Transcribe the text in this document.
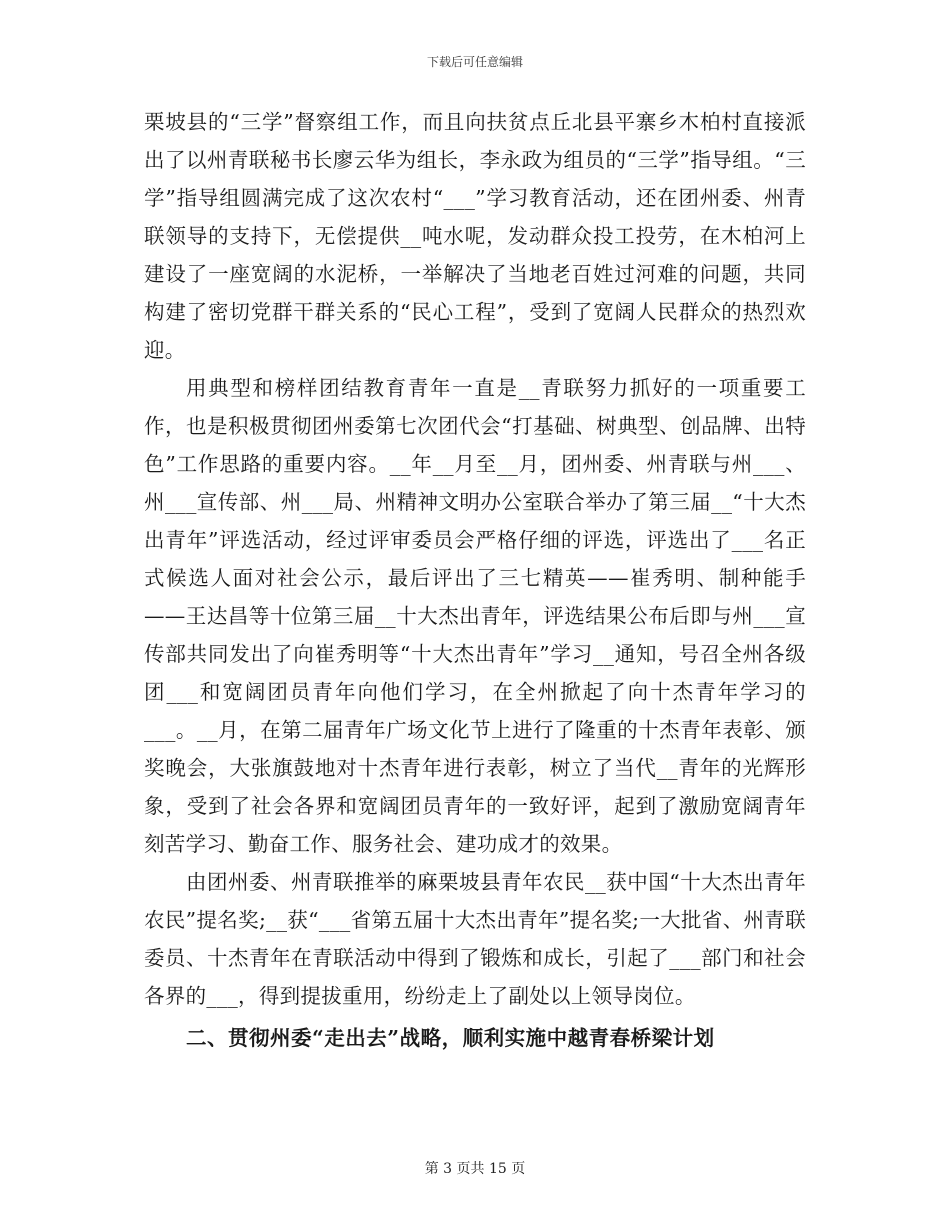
下载后可任意编辑

栗坡县的“三学”督察组工作，而且向扶贫点丘北县平寨乡木柏村直接派出了以州青联秘书长廖云华为组长，李永政为组员的“三学”指导组。“三学”指导组圆满完成了这次农村“___”学习教育活动，还在团州委、州青联领导的支持下，无偿提供__吨水呢，发动群众投工投劳，在木柏河上建设了一座宽阔的水泥桥，一举解决了当地老百姓过河难的问题，共同构建了密切党群干群关系的“民心工程”，受到了宽阔人民群众的热烈欢迎。

用典型和榜样团结教育青年一直是__青联努力抓好的一项重要工作，也是积极贯彻团州委第七次团代会“打基础、树典型、创品牌、出特色”工作思路的重要内容。__年__月至__月，团州委、州青联与州___、州___宣传部、州___局、州精神文明办公室联合举办了第三届__“十大杰出青年”评选活动，经过评审委员会严格仔细的评选，评选出了___名正式候选人面对社会公示，最后评出了三七精英——崔秀明、制种能手——王达昌等十位第三届__十大杰出青年，评选结果公布后即与州___宣传部共同发出了向崔秀明等“十大杰出青年”学习__通知，号召全州各级团___和宽阔团员青年向他们学习，在全州掀起了向十杰青年学习的___。__月，在第二届青年广场文化节上进行了隆重的十杰青年表彰、颁奖晚会，大张旗鼓地对十杰青年进行表彰，树立了当代__青年的光辉形象，受到了社会各界和宽阔团员青年的一致好评，起到了激励宽阔青年刻苦学习、勤奋工作、服务社会、建功成才的效果。

由团州委、州青联推举的麻栗坡县青年农民__获中国“十大杰出青年农民”提名奖;__获“___省第五届十大杰出青年”提名奖;一大批省、州青联委员、十杰青年在青联活动中得到了锻炼和成长，引起了___部门和社会各界的___，得到提拔重用，纷纷走上了副处以上领导岗位。

二、贯彻州委“走出去”战略，顺利实施中越青春桥梁计划

第 3 页共 15 页
